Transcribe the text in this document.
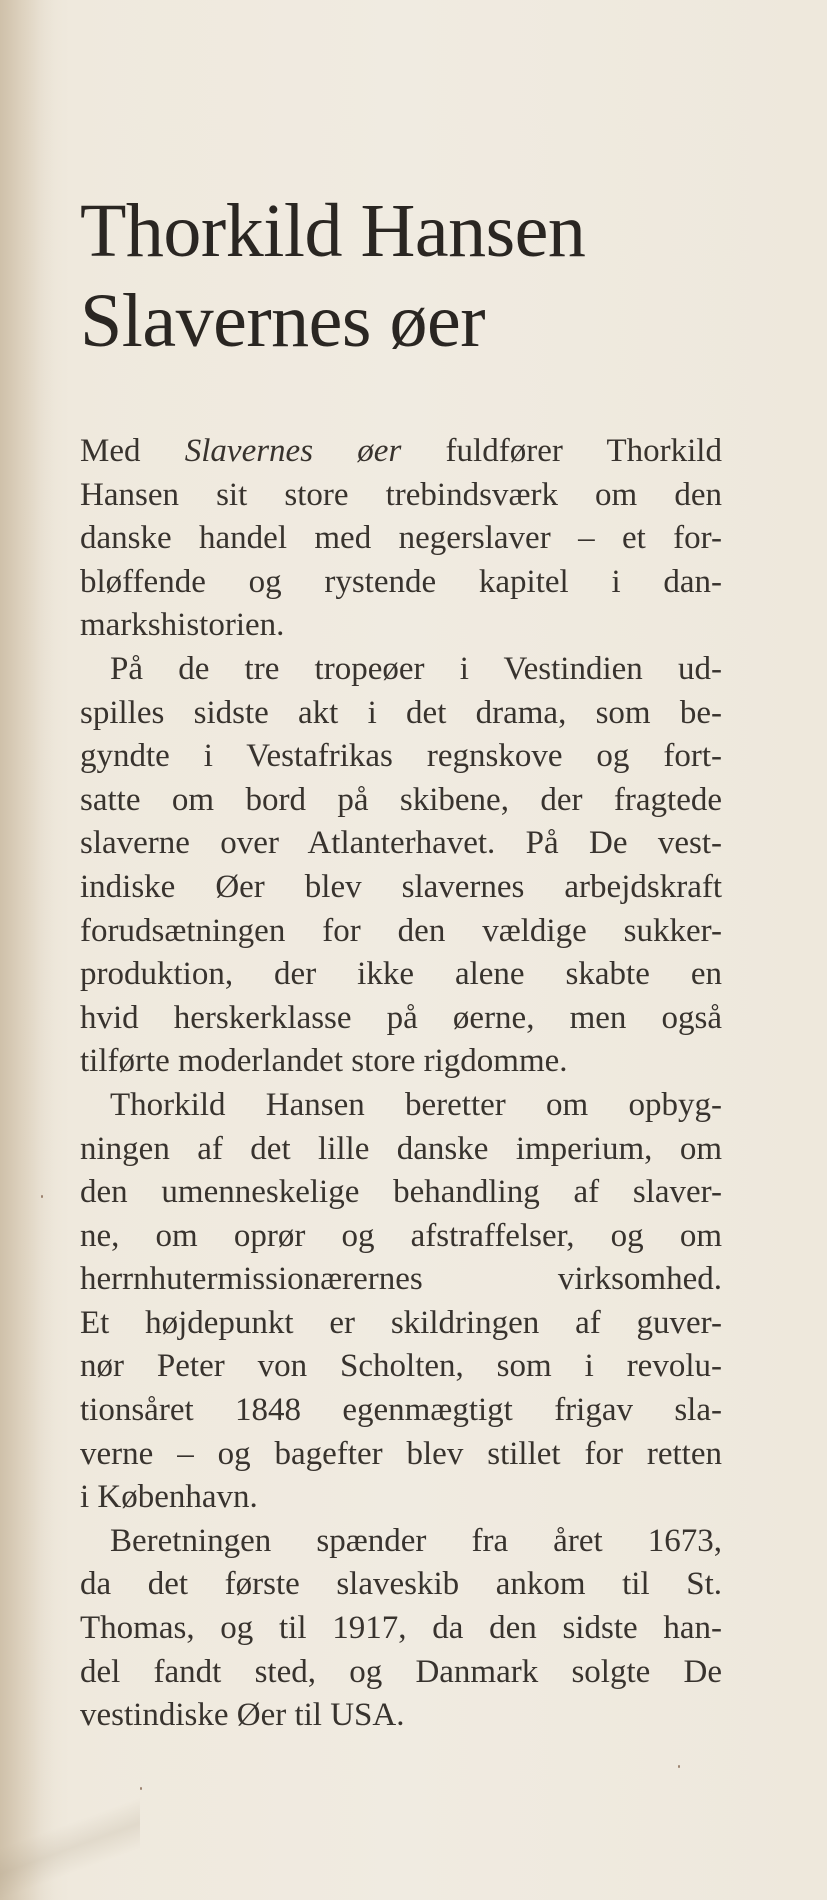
Thorkild Hansen
Slavernes øer
Med Slavernes øer fuldfører Thorkild
Hansen sit store trebindsværk om den
danske handel med negerslaver – et for-
bløffende og rystende kapitel i dan-
markshistorien.
På de tre tropeøer i Vestindien ud-
spilles sidste akt i det drama, som be-
gyndte i Vestafrikas regnskove og fort-
satte om bord på skibene, der fragtede
slaverne over Atlanterhavet. På De vest-
indiske Øer blev slavernes arbejdskraft
forudsætningen for den vældige sukker-
produktion, der ikke alene skabte en
hvid herskerklasse på øerne, men også
tilførte moderlandet store rigdomme.
Thorkild Hansen beretter om opbyg-
ningen af det lille danske imperium, om
den umenneskelige behandling af slaver-
ne, om oprør og afstraffelser, og om
herrnhutermissionærernes virksomhed.
Et højdepunkt er skildringen af guver-
nør Peter von Scholten, som i revolu-
tionsåret 1848 egenmægtigt frigav sla-
verne – og bagefter blev stillet for retten
i København.
Beretningen spænder fra året 1673,
da det første slaveskib ankom til St.
Thomas, og til 1917, da den sidste han-
del fandt sted, og Danmark solgte De
vestindiske Øer til USA.
